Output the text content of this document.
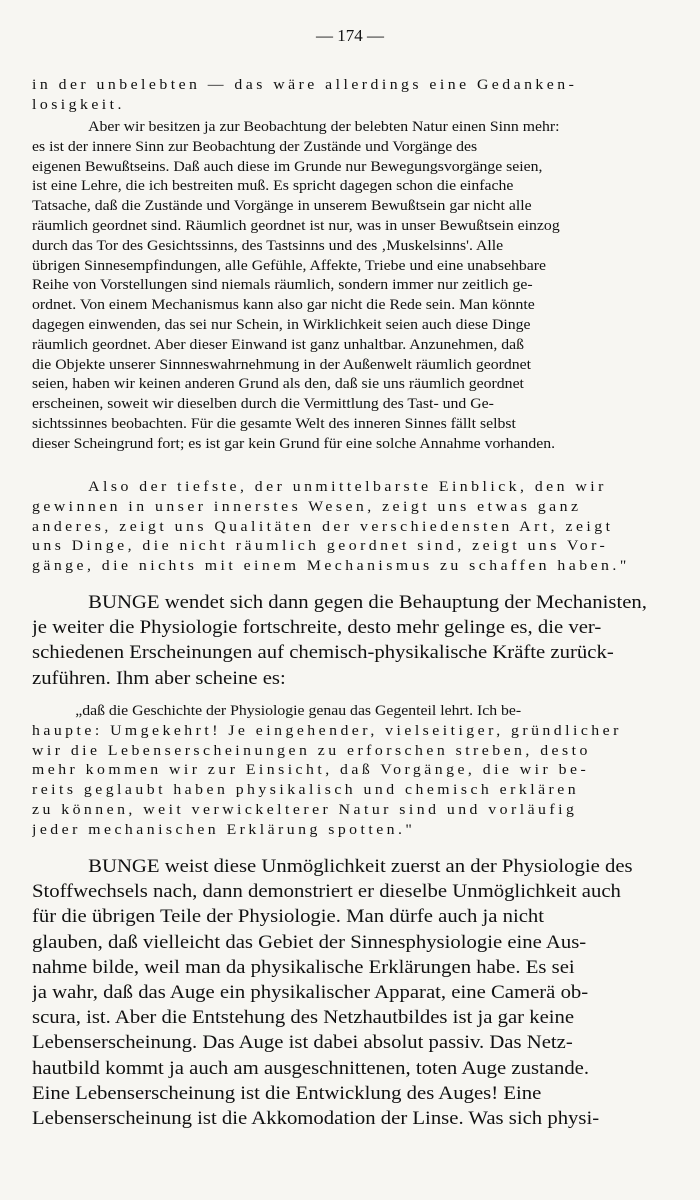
— 174 —
in der unbelebten — das wäre allerdings eine Gedanken-
losigkeit.
Aber wir besitzen ja zur Beobachtung der belebten Natur einen Sinn mehr:
es ist der innere Sinn zur Beobachtung der Zustände und Vorgänge des
eigenen Bewußtseins. Daß auch diese im Grunde nur Bewegungsvorgänge seien,
ist eine Lehre, die ich bestreiten muß. Es spricht dagegen schon die einfache
Tatsache, daß die Zustände und Vorgänge in unserem Bewußtsein gar nicht alle
räumlich geordnet sind. Räumlich geordnet ist nur, was in unser Bewußtsein einzog
durch das Tor des Gesichtssinns, des Tastsinns und des ‚Muskelsinns'. Alle
übrigen Sinnesempfindungen, alle Gefühle, Affekte, Triebe und eine unabsehbare
Reihe von Vorstellungen sind niemals räumlich, sondern immer nur zeitlich ge-
ordnet. Von einem Mechanismus kann also gar nicht die Rede sein. Man könnte
dagegen einwenden, das sei nur Schein, in Wirklichkeit seien auch diese Dinge
räumlich geordnet. Aber dieser Einwand ist ganz unhaltbar. Anzunehmen, daß
die Objekte unserer Sinnneswahrnehmung in der Außenwelt räumlich geordnet
seien, haben wir keinen anderen Grund als den, daß sie uns räumlich geordnet
erscheinen, soweit wir dieselben durch die Vermittlung des Tast- und Ge-
sichtssinnes beobachten. Für die gesamte Welt des inneren Sinnes fällt selbst
dieser Scheingrund fort; es ist gar kein Grund für eine solche Annahme vorhanden.
Also der tiefste, der unmittelbarste Einblick, den wir
gewinnen in unser innerstes Wesen, zeigt uns etwas ganz
anderes, zeigt uns Qualitäten der verschiedensten Art, zeigt
uns Dinge, die nicht räumlich geordnet sind, zeigt uns Vor-
gänge, die nichts mit einem Mechanismus zu schaffen haben."
BUNGE wendet sich dann gegen die Behauptung der Mechanisten,
je weiter die Physiologie fortschreite, desto mehr gelinge es, die ver-
schiedenen Erscheinungen auf chemisch-physikalische Kräfte zurück-
zuführen. Ihm aber scheine es:
„daß die Geschichte der Physiologie genau das Gegenteil lehrt. Ich be-
haupte: Umgekehrt! Je eingehender, vielseitiger, gründlicher
wir die Lebenserscheinungen zu erforschen streben, desto
mehr kommen wir zur Einsicht, daß Vorgänge, die wir be-
reits geglaubt haben physikalisch und chemisch erklären
zu können, weit verwickelterer Natur sind und vorläufig
jeder mechanischen Erklärung spotten."
BUNGE weist diese Unmöglichkeit zuerst an der Physiologie des
Stoffwechsels nach, dann demonstriert er dieselbe Unmöglichkeit auch
für die übrigen Teile der Physiologie. Man dürfe auch ja nicht
glauben, daß vielleicht das Gebiet der Sinnesphysiologie eine Aus-
nahme bilde, weil man da physikalische Erklärungen habe. Es sei
ja wahr, daß das Auge ein physikalischer Apparat, eine Camerä ob-
scura, ist. Aber die Entstehung des Netzhautbildes ist ja gar keine
Lebenserscheinung. Das Auge ist dabei absolut passiv. Das Netz-
hautbild kommt ja auch am ausgeschnittenen, toten Auge zustande.
Eine Lebenserscheinung ist die Entwicklung des Auges! Eine
Lebenserscheinung ist die Akkomodation der Linse. Was sich physi-
